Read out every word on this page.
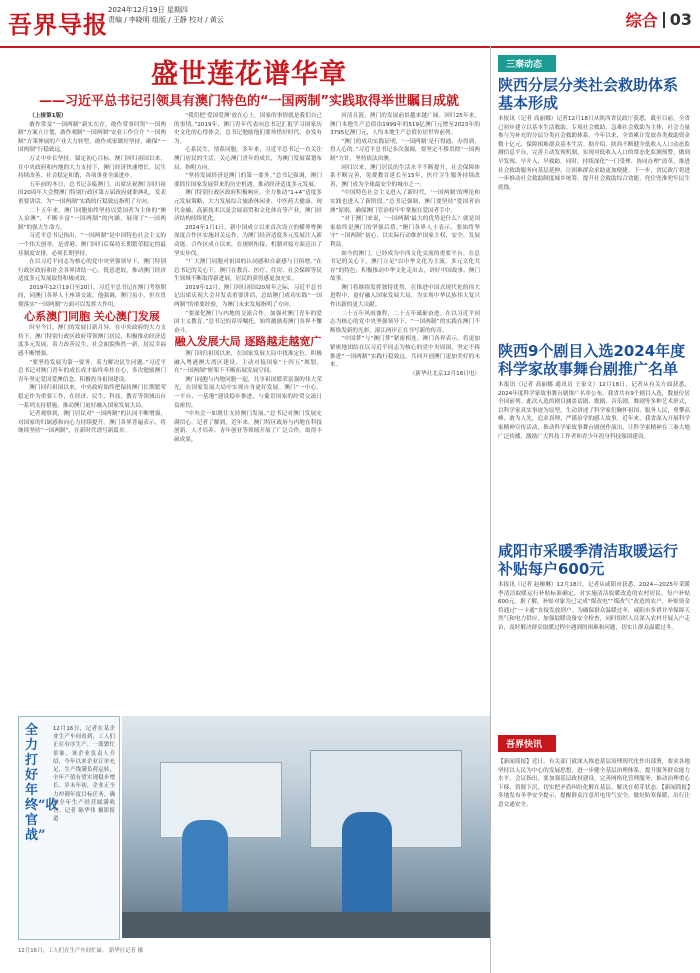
吾界导报 2024年12月19日 星期四
责编 / 李晓明 组版 / 王静 校对 / 黄云	综合 03
盛世莲花谱华章
——习近平总书记引领具有澳门特色的“一国两制”实践取得举世瞩目成就
（上接第1版）
敢作常变“一国两制”新实在存，敢作常事时黑“一国两制”方案立计划，敢作观制“一国两制”安业工作宣介 “一国两制”方策伸展的产业大力转型，敢作成家做好坚持，确保“一国两制”行稳致远。
万丈中步长坚持，锚定初心目标。澳门回归祖国以来，在中央政府和内地的大力支持下，澳门经济快速增长，民生持续改善，社会稳定和谐，各项事业全面进步。
五年前的冬日，总书记亲临澳门，出席庆祝澳门回归祖国20周年大会暨澳门特别行政区第五届政府就职典礼，发表重要讲话，为“一国两制”实践的行稳致远指明了方向。
二十五年来，澳门同胞始终坚持以爱国者为主体的“澳人治澳”，不断丰富“一国两制”的内涵，展现了“一国两制”的强大生命力。
习近平总书记指出，“一国两制”是中国特色社会主义的一个伟大创举，是香港、澳门回归后保持长期繁荣稳定的最佳制度安排，必须长期坚持。
在以习近平同志为核心的党中央坚强领导下，澳门特别行政区政府和社会各界团结一心，锐意进取，推动澳门经济适度多元发展取得积极成效。
2019年12月19日至20日，习近平总书记在澳门考察期间，同澳门各界人士座谈交流，他强调，澳门虽小，但在贯彻落实“一国两制”方面可以发挥大作用。
心系澳门同胞 关心澳门发展
时至今日，澳门的发展日新月异。在中央政府的大力支持下，澳门特别行政区政府带领澳门居民，积极推动经济适度多元发展，着力改善民生，社会面貌焕然一新，居民幸福感不断增强。
“要坚持发展为第一要务，着力解决民生问题。”习近平总书记对澳门青年的成长成才始终牵挂在心，多次勉励澳门青年坚定爱国爱澳信念，积极投身祖国建设。
澳门回归祖国以来，中央政府始终把保持澳门长期繁荣稳定作为重要工作，在经济、民生、科技、教育等领域出台一系列支持措施，推动澳门更好融入国家发展大局。
记者观察到，澳门居民对“一国两制”的认同不断增强，对国家的归属感和向心力持续提升。澳门各界普遍表示，将继续坚持“一国两制”，在新时代谱写新篇章。
“我们把‘爱国爱澳’放在心上，国家的事情就是我们自己的事情。”2019年，澳门青年代表向总书记汇报学习国家历史文化的心得体会，总书记勉励他们要珍惜好时代，奋发有为。
心系民生，情系同胞。多年来，习近平总书记一直关注澳门居民的生活，关心澳门青年的成长，为澳门发展谋划布局、指明方向。
“坚持发展经济是澳门的第一要务。”总书记强调，澳门要抓住国家发展带来的历史机遇，推动经济适度多元发展。
澳门特别行政区政府积极响应，全力推动“1+4”适度多元发展策略，大力发展综合旅游休闲业、中医药大健康、现代金融、高新技术以及会展商贸和文化体育等产业，澳门经济结构持续优化。
2024年1月1日，新中国成立以来首次设立的横琴粤澳深度合作区实施封关运作，为澳门经济适度多元发展注入新动能。合作区成立以来，在规则衔接、机制对接方面迈出了坚实步伐。
“广大澳门同胞对祖国的认同感和自豪感与日俱增。”在总书记的关心下，澳门在教育、医疗、住房、社会保障等民生领域不断取得新进展，居民的获得感更加充实。
2019年12月，澳门回归祖国20周年之际，习近平总书记出席庆祝大会并发表重要讲话，总结澳门成功实践“一国两制”的重要经验，为澳门未来发展指明了方向。
“要深化澳门与内地的交流合作，加强对澳门青年的爱国主义教育。”总书记的谆谆嘱托，始终激励着澳门各界不懈奋斗。
融入发展大局 逐路越走越宽广
澳门回归祖国以来，在国家发展大局中找准定位，积极融入粤港澳大湾区建设，主动对接国家“十四五”规划，在“一国两制”框架下不断拓展发展空间。
澳门同胞与内地同胞一起，共享祖国繁荣富强的伟大荣光，在国家发展大局中实现自身更好发展。澳门“一中心、一平台、一基地”建设稳步推进，与葡语国家的经贸交流日益密切。
“中央会一如既往支持澳门发展。”总书记对澳门发展充满信心。记者了解到，近年来，澳门特区政府与内地在科技创新、人才培养、青年创业等领域开展了广泛合作，取得丰硕成果。
河清且涟，澳门的发展前景越来越广阔。回归25年来，澳门本地生产总值由1999年的519亿澳门元增至2023年的3795亿澳门元，人均本地生产总值位居世界前列。
“澳门的成功实践证明，‘一国两制’是行得通、办得到、得人心的。”习近平总书记多次强调，要坚定不移贯彻“一国两制”方针，坚持依法治澳。
回归以来，澳门居民的生活水平不断提升，社会保障体系不断完善，免费教育延长至15年，医疗卫生服务持续改善，澳门成为全球最安全的城市之一。
“中国特色社会主义进入了新时代，‘一国两制’的理论和实践也进入了新阶段。”总书记强调，澳门要坚持“爱国者治澳”原则，确保澳门管治权牢牢掌握在爱国者手中。
“对于澳门来说，‘一国两制’最大的优势是什么？就是国家始终是澳门的坚强后盾。”澳门各界人士表示，要始终坚守“一国两制”初心，以实际行动维护国家主权、安全、发展利益。
如今的澳门，已经成为中西文化交流的重要平台。在总书记的关心下，澳门立足“以中华文化为主流、多元文化共存”的特色，积极推动中华文化走出去，讲好中国故事、澳门故事。
澳门将继续发挥独特优势，在推进中国式现代化的伟大进程中，更好融入国家发展大局，为实现中华民族伟大复兴作出新的更大贡献。
二十五年风雨兼程，二十五年砥砺奋进。在以习近平同志为核心的党中央坚强领导下，“一国两制”的实践在澳门不断焕发新的光彩，濠江两岸正在书写新的传奇。
“中国梦”与“澳门梦”紧密相连。澳门各界表示，将更加紧密地团结在以习近平同志为核心的党中央周围，坚定不移推进“一国两制”实践行稳致远，共同开创澳门更加美好的未来。
（新华社北京12月18日电）
全力打好年终“收官战”
12月16日，记者在某企业生产车间看到，工人们正在有序生产，一派繁忙景象。该企业负责人介绍，今年以来企业订单充足，生产线满负荷运转，全年产值有望实现稳步增长。岁末年初，企业正全力冲刺年度目标任务，确保全年生产经营圆满收官。记者 陈华伟 摄影报道
12月16日，工人们在生产车间忙碌。 新华社记者 摄
三秦动态
陕西分层分类社会救助体系基本形成
本报讯（记者 高丽娜）记者12月18日从陕西省民政厅获悉，截至目前，全省已初步建立以基本生活救助、专项社会救助、急难社会救助为主体，社会力量参与为补充的分层分类社会救助体系。今年以来，全省累计发放各类救助资金数十亿元，保障困难群众基本生活。据介绍，陕西不断健全低收入人口动态监测信息平台，完善主动发现机制，实现对低收入人口的常态化监测预警，做到早发现、早介入、早救助。同时，持续深化“一门受理、协同办理”改革，推进社会救助服务向基层延伸，让困难群众求助更加便捷。下一步，省民政厅将进一步推动社会救助制度城乡统筹，提升社会救助综合效能，兜住兜准兜牢民生底线。
陕西9个剧目入选2024年度科学家故事舞台剧推广名单
本报讯（记者 高丽娜 通讯员 王家文）12月18日，记者从有关方面获悉，2024年度科学家故事舞台剧推广名单公布，我省共有9个剧目入选，数量位居全国前列。此次入选的剧目涵盖话剧、歌剧、音乐剧、舞剧等多种艺术形式，以科学家真实事迹为原型，生动讲述了科学家们胸怀祖国、服务人民，勇攀高峰、敢为人先，追求真理、严谨治学的感人故事。近年来，我省深入开展科学家精神宣传活动，推动科学家故事舞台剧创作演出，让科学家精神在三秦大地广泛传播，激励广大科技工作者和青少年投身科技强国建设。
咸阳市采暖季清洁取暖运行补贴每户600元
本报讯（记者 赵婉琳）12月18日，记者从咸阳市获悉，2024—2025年采暖季清洁取暖运行补贴标准确定，对实施清洁取暖改造的农村居民，每户补贴600元。据了解，补贴对象为已完成“煤改电”“煤改气”改造的农户，补贴资金将通过“一卡通”直接发放到户。为确保群众温暖过冬，咸阳市多措并举保障天然气和电力供应，加强取暖设备安全检查，同时组织人员深入农村开展入户走访，及时解决群众取暖过程中遇到的困难和问题，切实让群众温暖过冬。
吾界快讯
【新闻简报】近日，有关部门就深入推进基层治理现代化作出部署，要求各地坚持以人民为中心的发展思想，进一步健全基层治理体系，提升服务群众能力水平。会议指出，要加强基层政权建设，完善网格化管理服务，推动治理重心下移、资源下沉，切实把矛盾纠纷化解在基层、解决在萌芽状态。【新闻简报】多地发布冬季安全提示，提醒群众注意用电用气安全，做好防寒保暖，出行注意交通安全。
